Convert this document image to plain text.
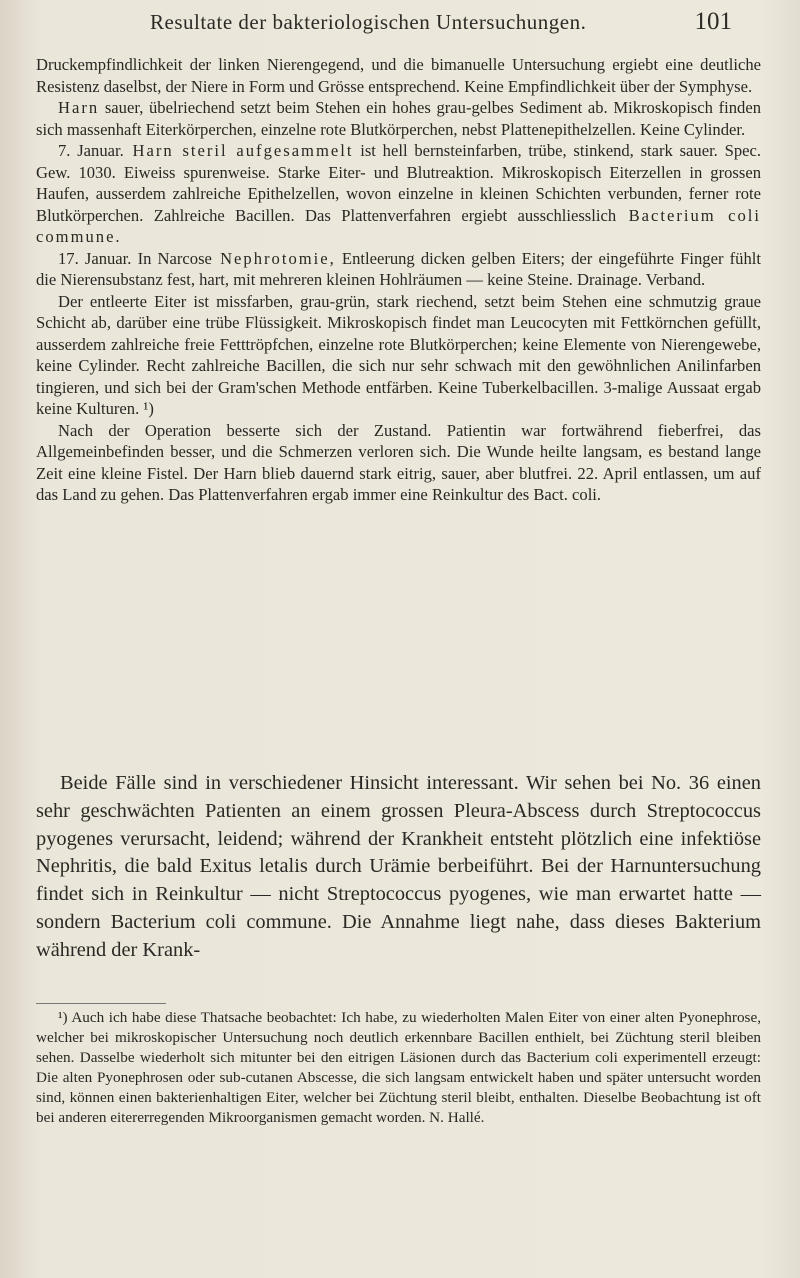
Resultate der bakteriologischen Untersuchungen.	101

Druckempfindlichkeit der linken Nierengegend, und die bimanuelle Untersuchung ergiebt eine deutliche Resistenz daselbst, der Niere in Form und Grösse entsprechend. Keine Empfindlichkeit über der Symphyse.

Harn sauer, übelriechend setzt beim Stehen ein hohes grau-gelbes Sediment ab. Mikroskopisch finden sich massenhaft Eiterkörperchen, einzelne rote Blutkörperchen, nebst Plattenepithelzellen. Keine Cylinder.

7. Januar. Harn steril aufgesammelt ist hell bernsteinfarben, trübe, stinkend, stark sauer. Spec. Gew. 1030. Eiweiss spurenweise. Starke Eiter- und Blutreaktion. Mikroskopisch Eiterzellen in grossen Haufen, ausserdem zahlreiche Epithelzellen, wovon einzelne in kleinen Schichten verbunden, ferner rote Blutkörperchen. Zahlreiche Bacillen. Das Plattenverfahren ergiebt ausschliesslich Bacterium coli commune.

17. Januar. In Narcose Nephrotomie, Entleerung dicken gelben Eiters; der eingeführte Finger fühlt die Nierensubstanz fest, hart, mit mehreren kleinen Hohlräumen — keine Steine. Drainage. Verband.

Der entleerte Eiter ist missfarben, grau-grün, stark riechend, setzt beim Stehen eine schmutzig graue Schicht ab, darüber eine trübe Flüssigkeit. Mikroskopisch findet man Leucocyten mit Fettkörnchen gefüllt, ausserdem zahlreiche freie Fetttröpfchen, einzelne rote Blutkörperchen; keine Elemente von Nierengewebe, keine Cylinder. Recht zahlreiche Bacillen, die sich nur sehr schwach mit den gewöhnlichen Anilinfarben tingieren, und sich bei der Gram'schen Methode entfärben. Keine Tuberkelbacillen. 3-malige Aussaat ergab keine Kulturen. ¹)

Nach der Operation besserte sich der Zustand. Patientin war fortwährend fieberfrei, das Allgemeinbefinden besser, und die Schmerzen verloren sich. Die Wunde heilte langsam, es bestand lange Zeit eine kleine Fistel. Der Harn blieb dauernd stark eitrig, sauer, aber blutfrei. 22. April entlassen, um auf das Land zu gehen. Das Plattenverfahren ergab immer eine Reinkultur des Bact. coli.

Beide Fälle sind in verschiedener Hinsicht interessant. Wir sehen bei No. 36 einen sehr geschwächten Patienten an einem grossen Pleura-Abscess durch Streptococcus pyogenes verursacht, leidend; während der Krankheit entsteht plötzlich eine infektiöse Nephritis, die bald Exitus letalis durch Urämie berbeiführt. Bei der Harnuntersuchung findet sich in Reinkultur — nicht Streptococcus pyogenes, wie man erwartet hatte — sondern Bacterium coli commune. Die Annahme liegt nahe, dass dieses Bakterium während der Krank-

¹) Auch ich habe diese Thatsache beobachtet: Ich habe, zu wiederholten Malen Eiter von einer alten Pyonephrose, welcher bei mikroskopischer Untersuchung noch deutlich erkennbare Bacillen enthielt, bei Züchtung steril bleiben sehen. Dasselbe wiederholt sich mitunter bei den eitrigen Läsionen durch das Bacterium coli experimentell erzeugt: Die alten Pyonephrosen oder sub-cutanen Abscesse, die sich langsam entwickelt haben und später untersucht worden sind, können einen bakterienhaltigen Eiter, welcher bei Züchtung steril bleibt, enthalten. Dieselbe Beobachtung ist oft bei anderen eitererregenden Mikroorganismen gemacht worden. N. Hallé.
